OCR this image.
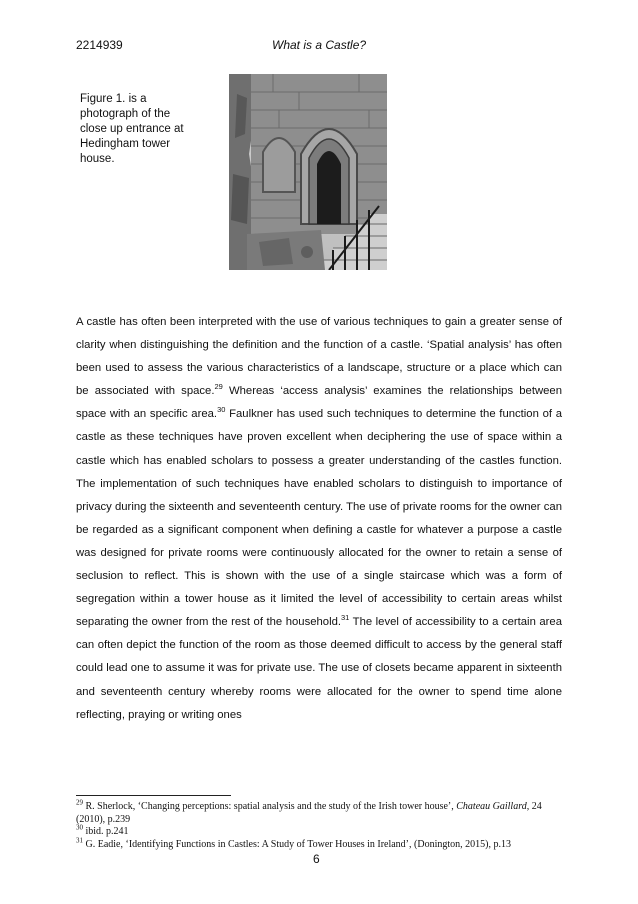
2214939	What is a Castle?
Figure 1. is a photograph of the close up entrance at Hedingham tower house.
A castle has often been interpreted with the use of various techniques to gain a greater sense of clarity when distinguishing the definition and the function of a castle. ‘Spatial analysis’ has often been used to assess the various characteristics of a landscape, structure or a place which can be associated with space.$^{29}$ Whereas ‘access analysis’ examines the relationships between space with an specific area.$^{30}$ Faulkner has used such techniques to determine the function of a castle as these techniques have proven excellent when deciphering the use of space within a castle which has enabled scholars to possess a greater understanding of the castles function. The implementation of such techniques have enabled scholars to distinguish to importance of privacy during the sixteenth and seventeenth century. The use of private rooms for the owner can be regarded as a significant component when defining a castle for whatever a purpose a castle was designed for private rooms were continuously allocated for the owner to retain a sense of seclusion to reflect. This is shown with the use of a single staircase which was a form of segregation within a tower house as it limited the level of accessibility to certain areas whilst separating the owner from the rest of the household.$^{31}$ The level of accessibility to a certain area can often depict the function of the room as those deemed difficult to access by the general staff could lead one to assume it was for private use. The use of closets became apparent in sixteenth and seventeenth century whereby rooms were allocated for the owner to spend time alone reflecting, praying or writing ones

$^{29}$ R. Sherlock, ‘Changing perceptions: spatial analysis and the study of the Irish tower house’, Chateau Gaillard, 24 (2010), p.239

$^{30}$ ibid. p.241

$^{31}$ G. Eadie, ‘Identifying Functions in Castles: A Study of Tower Houses in Ireland’, (Donington, 2015), p.13

6
